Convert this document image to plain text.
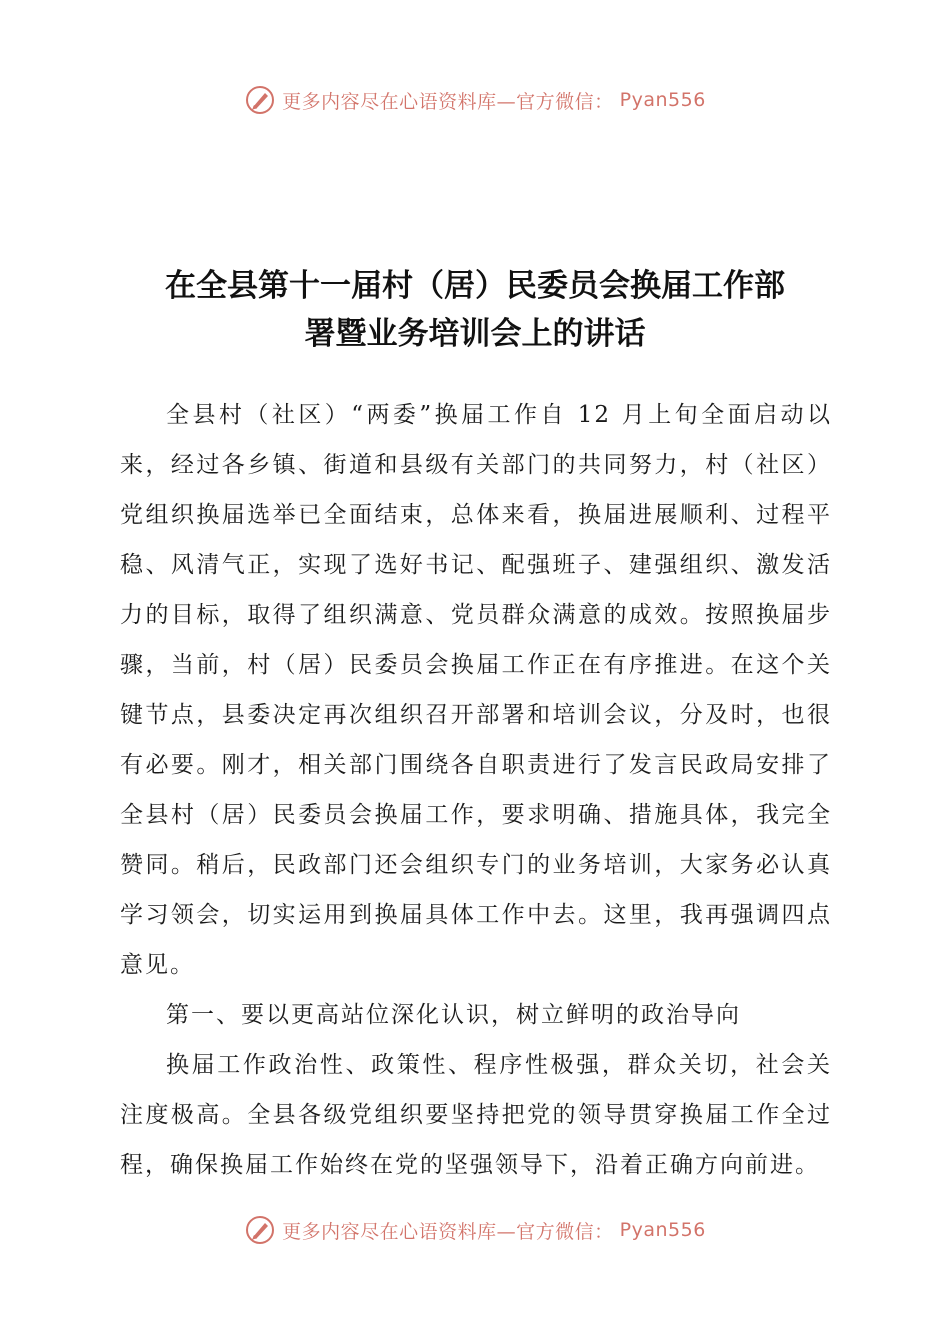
更多内容尽在心语资料库—官方微信： Pyan556
在全县第十一届村（居）民委员会换届工作部
署暨业务培训会上的讲话

全县村（社区）“两委”换届工作自 12 月上旬全面启动以来，经过各乡镇、街道和县级有关部门的共同努力，村（社区）党组织换届选举已全面结束，总体来看，换届进展顺利、过程平稳、风清气正，实现了选好书记、配强班子、建强组织、激发活力的目标，取得了组织满意、党员群众满意的成效。按照换届步骤，当前，村（居）民委员会换届工作正在有序推进。在这个关键节点，县委决定再次组织召开部署和培训会议，分及时，也很有必要。刚才，相关部门围绕各自职责进行了发言民政局安排了全县村（居）民委员会换届工作，要求明确、措施具体，我完全赞同。稍后，民政部门还会组织专门的业务培训，大家务必认真学习领会，切实运用到换届具体工作中去。这里，我再强调四点意见。

第一、要以更高站位深化认识，树立鲜明的政治导向

换届工作政治性、政策性、程序性极强，群众关切，社会关注度极高。全县各级党组织要坚持把党的领导贯穿换届工作全过程，确保换届工作始终在党的坚强领导下，沿着正确方向前进。

更多内容尽在心语资料库—官方微信： Pyan556
